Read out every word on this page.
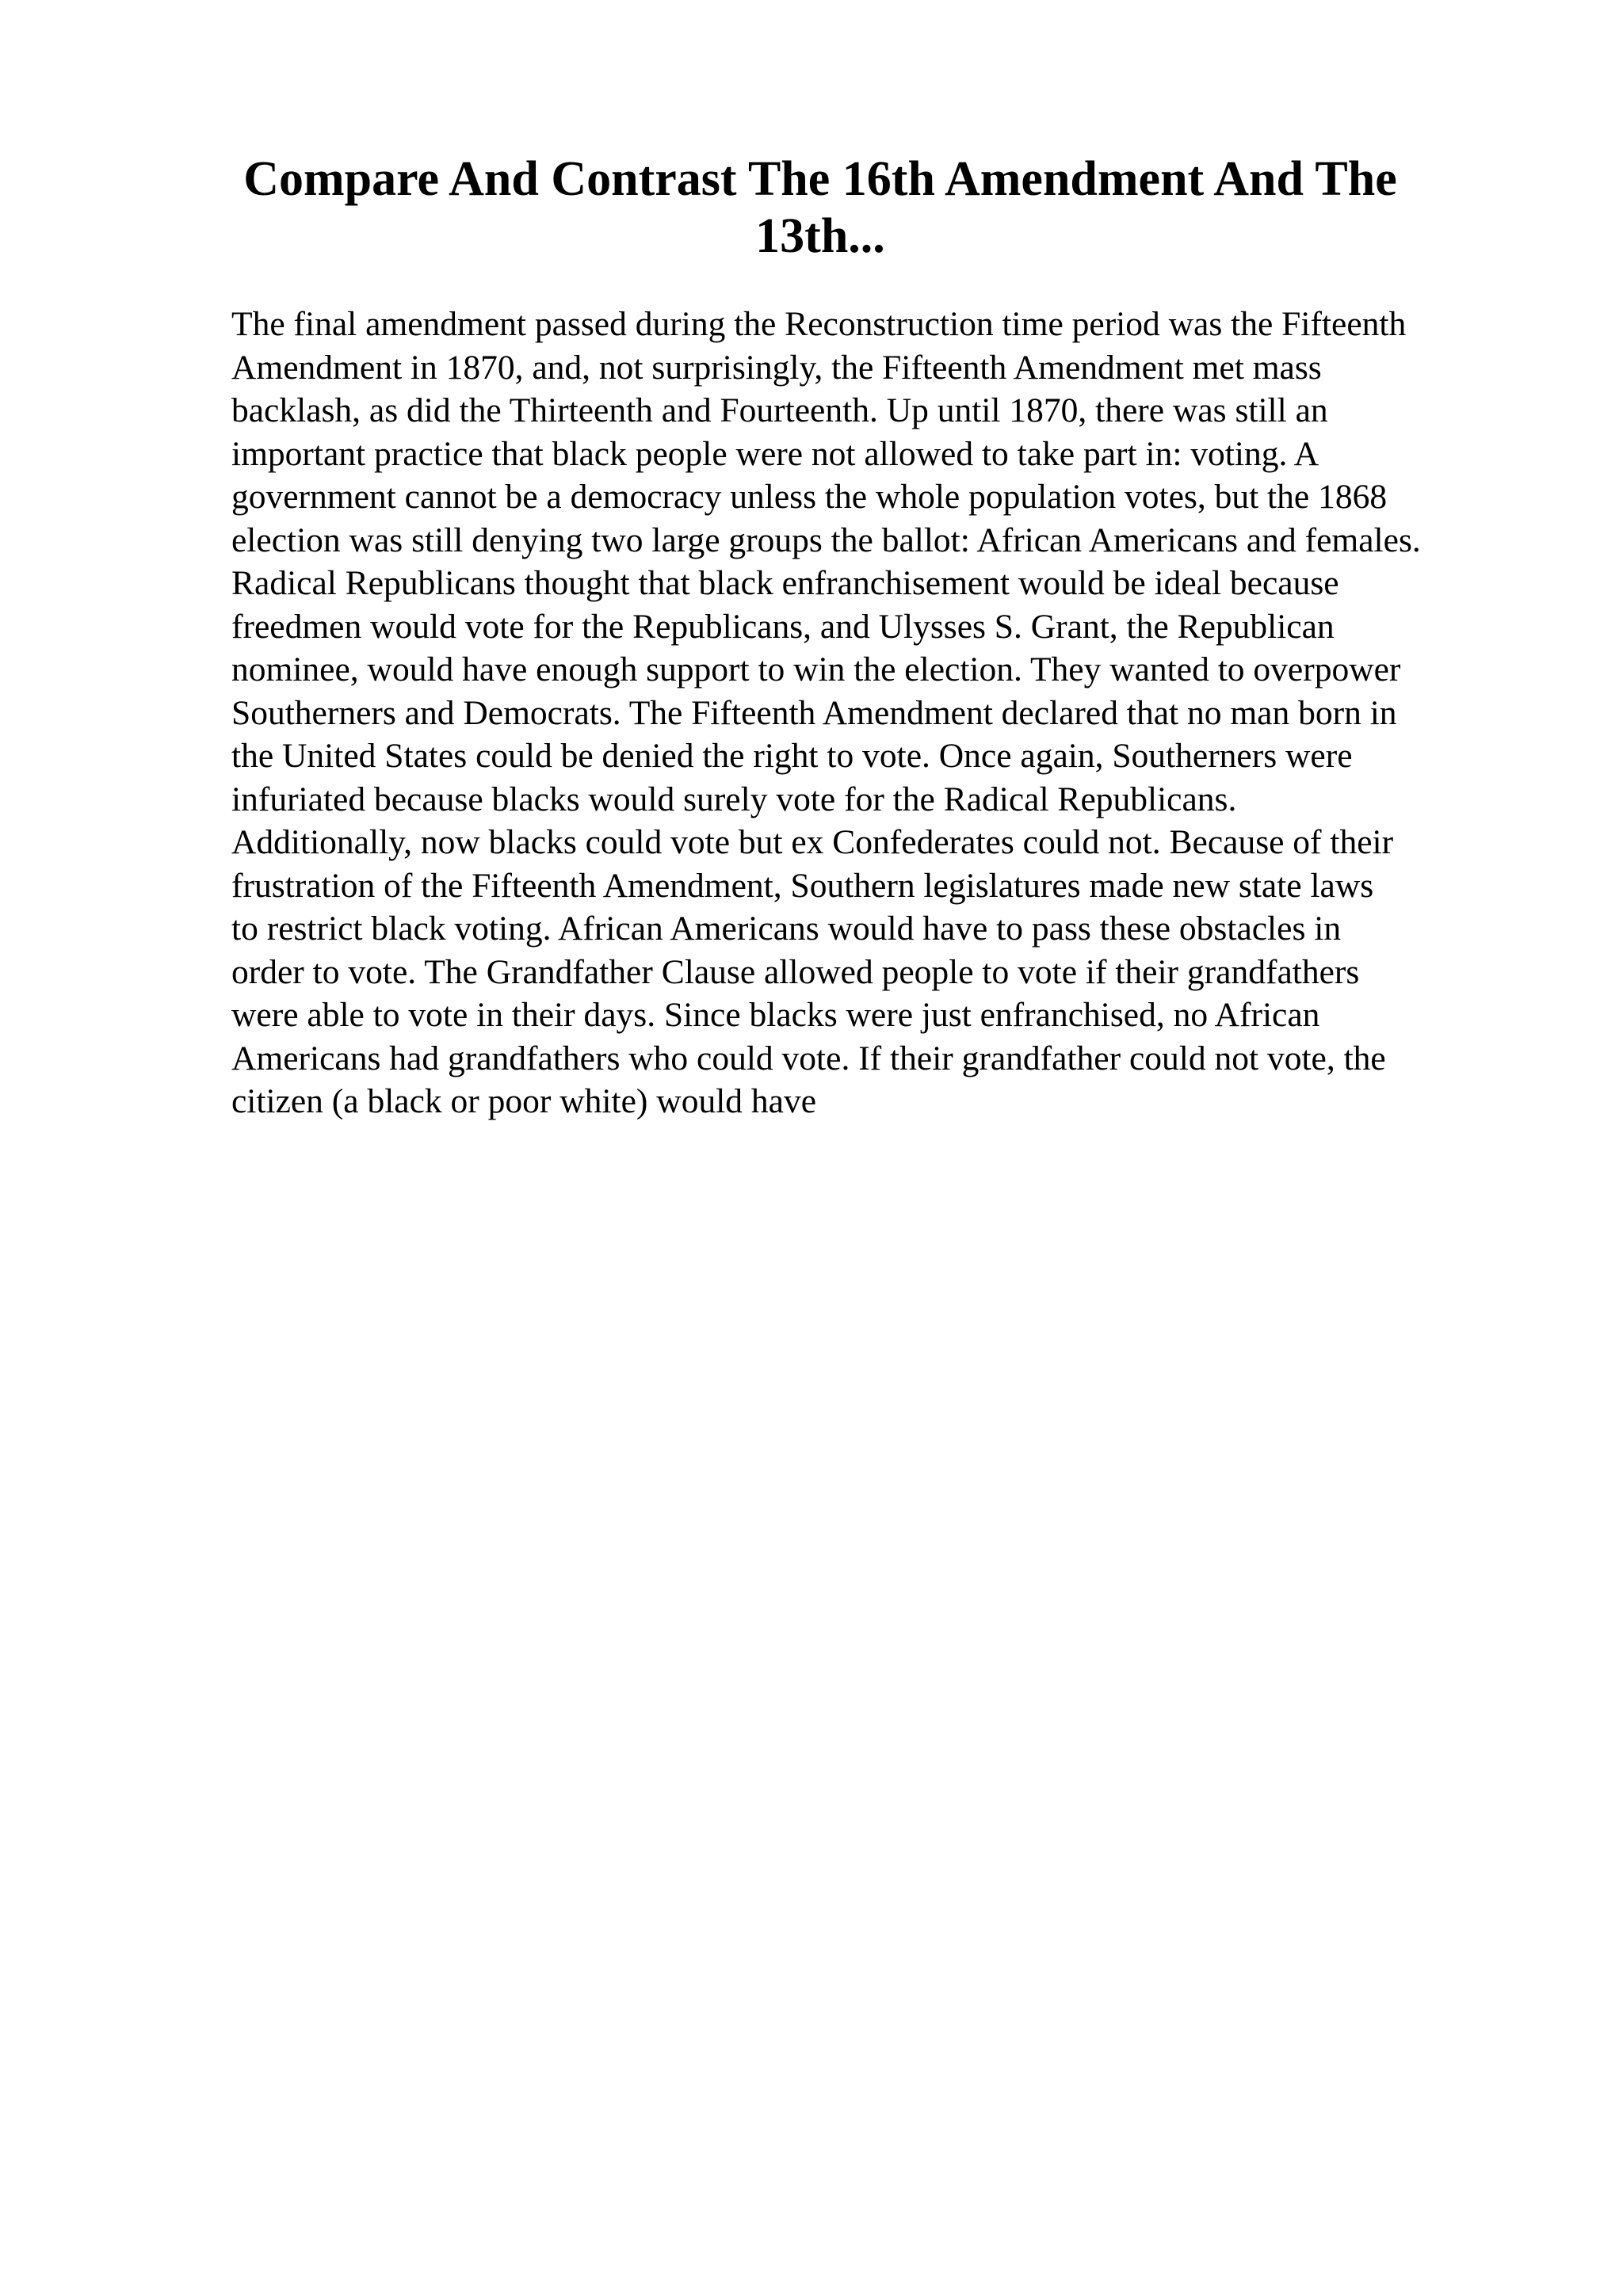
Compare And Contrast The 16th Amendment And The
13th...
The final amendment passed during the Reconstruction time period was the Fifteenth
Amendment in 1870, and, not surprisingly, the Fifteenth Amendment met mass
backlash, as did the Thirteenth and Fourteenth. Up until 1870, there was still an
important practice that black people were not allowed to take part in: voting. A
government cannot be a democracy unless the whole population votes, but the 1868
election was still denying two large groups the ballot: African Americans and females.
Radical Republicans thought that black enfranchisement would be ideal because
freedmen would vote for the Republicans, and Ulysses S. Grant, the Republican
nominee, would have enough support to win the election. They wanted to overpower
Southerners and Democrats. The Fifteenth Amendment declared that no man born in
the United States could be denied the right to vote. Once again, Southerners were
infuriated because blacks would surely vote for the Radical Republicans.
Additionally, now blacks could vote but ex Confederates could not. Because of their
frustration of the Fifteenth Amendment, Southern legislatures made new state laws
to restrict black voting. African Americans would have to pass these obstacles in
order to vote. The Grandfather Clause allowed people to vote if their grandfathers
were able to vote in their days. Since blacks were just enfranchised, no African
Americans had grandfathers who could vote. If their grandfather could not vote, the
citizen (a black or poor white) would have
